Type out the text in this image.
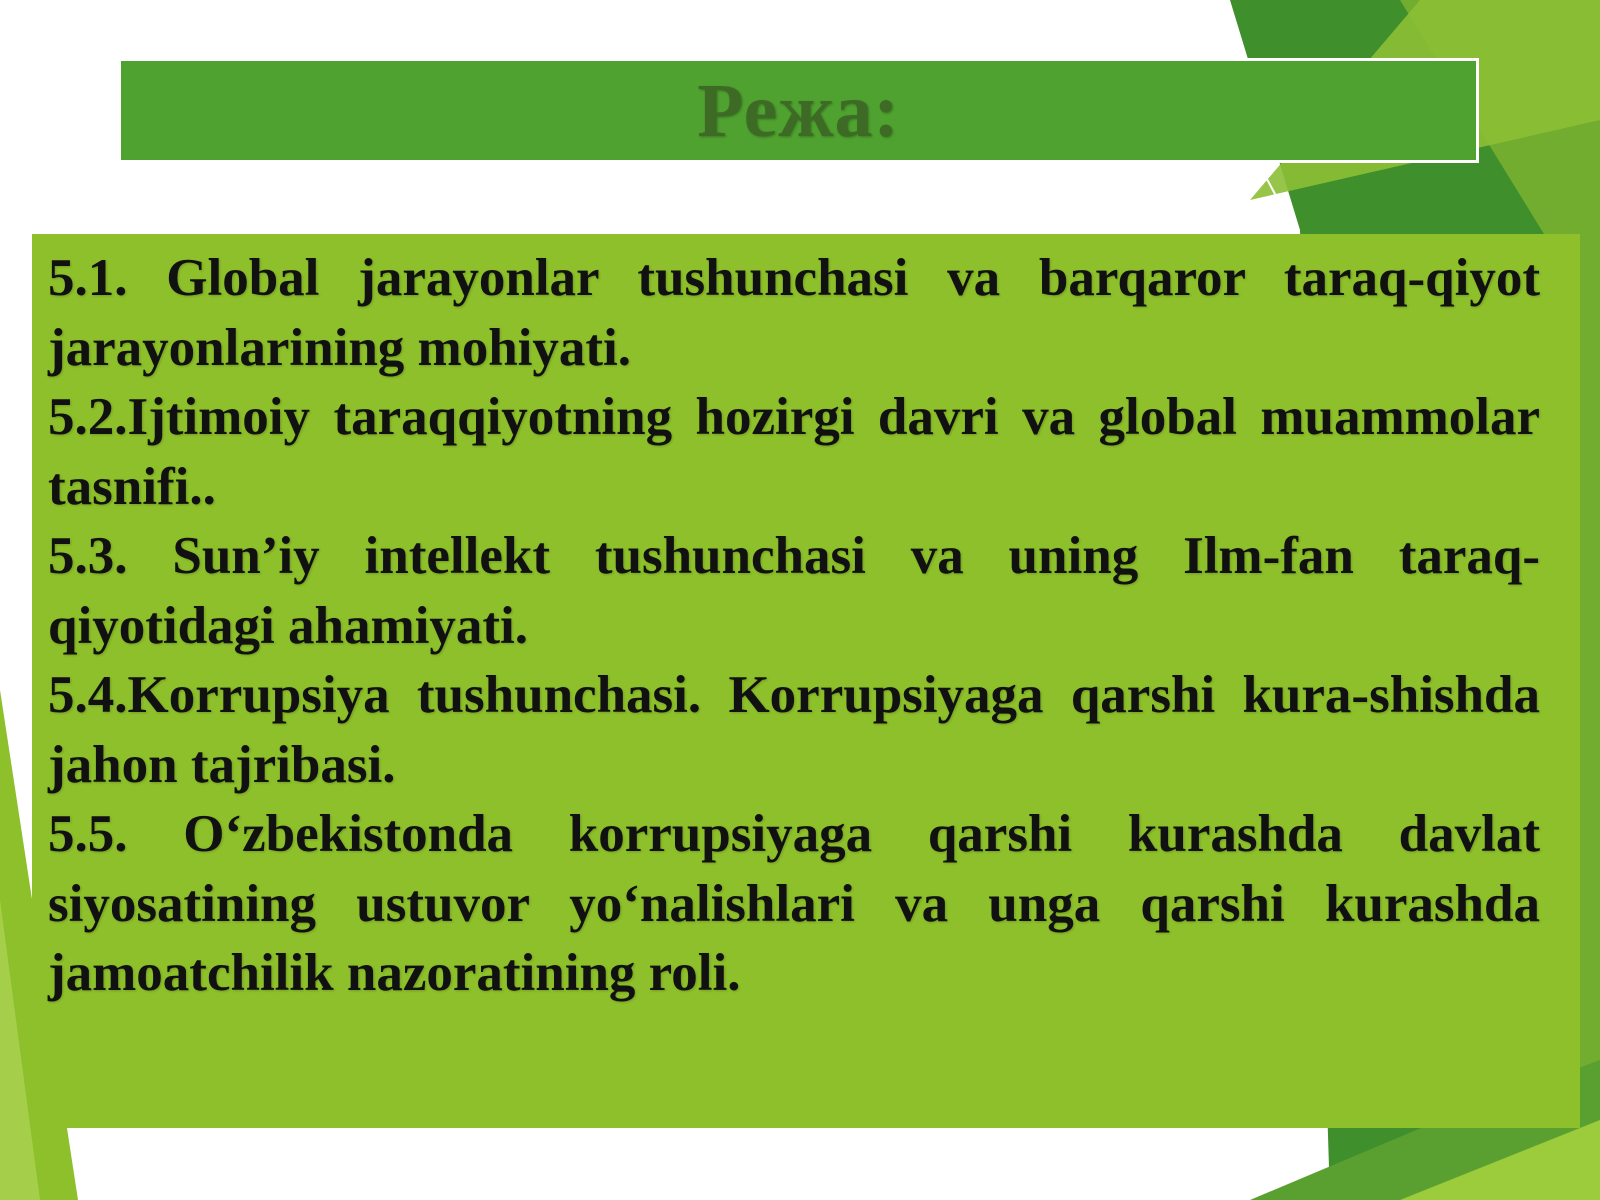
Режа:
5.1. Global jarayonlar tushunchasi va barqaror taraq-qiyot jarayonlarining mohiyati.
5.2.Ijtimoiy taraqqiyotning hozirgi davri va global muammolar tasnifi..
5.3. Sun’iy intellekt tushunchasi va uning Ilm-fan taraq-qiyotidagi ahamiyati.
5.4.Korrupsiya tushunchasi. Korrupsiyaga qarshi kura-shishda jahon tajribasi.
5.5. O‘zbekistonda korrupsiyaga qarshi kurashda davlat siyosatining ustuvor yo‘nalishlari va unga qarshi kurashda jamoatchilik nazoratining roli.
